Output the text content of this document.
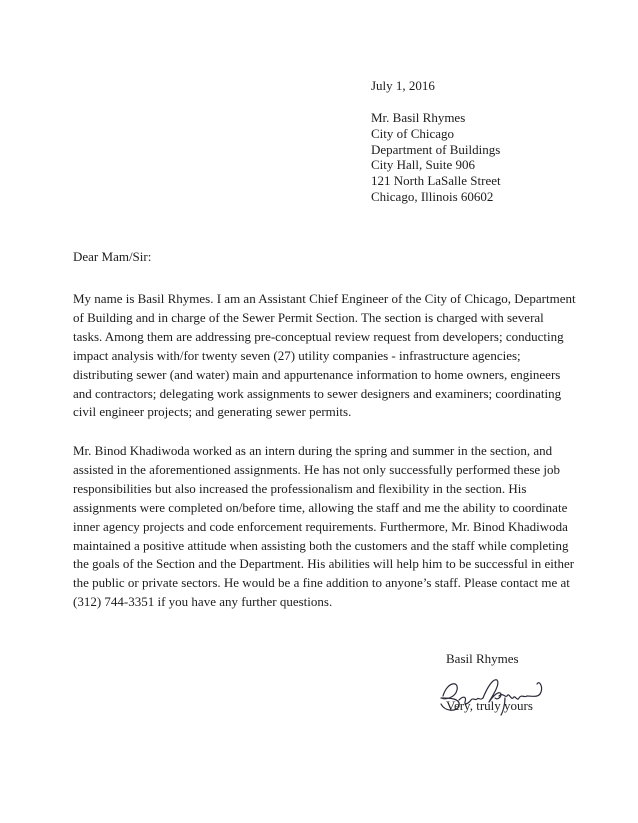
July 1, 2016
Mr. Basil Rhymes
City of Chicago
Department of Buildings
City Hall, Suite 906
121 North LaSalle Street
Chicago, Illinois 60602
Dear Mam/Sir:
My name is Basil Rhymes. I am an Assistant Chief Engineer of the City of Chicago, Department
of Building and in charge of the Sewer Permit Section. The section is charged with several
tasks. Among them are addressing pre-conceptual review request from developers; conducting
impact analysis with/for twenty seven (27) utility companies - infrastructure agencies;
distributing sewer (and water) main and appurtenance information to home owners, engineers
and contractors; delegating work assignments to sewer designers and examiners; coordinating
civil engineer projects; and generating sewer permits.
Mr. Binod Khadiwoda worked as an intern during the spring and summer in the section, and
assisted in the aforementioned assignments. He has not only successfully performed these job
responsibilities but also increased the professionalism and flexibility in the section. His
assignments were completed on/before time, allowing the staff and me the ability to coordinate
inner agency projects and code enforcement requirements. Furthermore, Mr. Binod Khadiwoda
maintained a positive attitude when assisting both the customers and the staff while completing
the goals of the Section and the Department. His abilities will help him to be successful in either
the public or private sectors. He would be a fine addition to anyone’s staff. Please contact me at
(312) 744-3351 if you have any further questions.
Basil Rhymes
Very, truly yours
